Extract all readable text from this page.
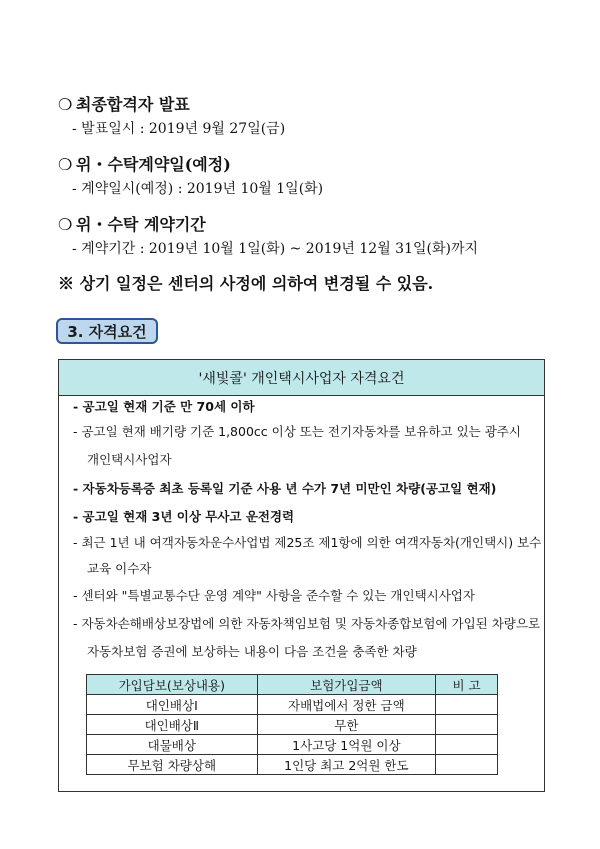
❍ 최종합격자 발표
- 발표일시 : 2019년 9월 27일(금)
❍ 위・수탁계약일(예정)
- 계약일시(예정) : 2019년 10월 1일(화)
❍ 위・수탁 계약기간
- 계약기간 : 2019년 10월 1일(화) ~ 2019년 12월 31일(화)까지
※ 상기 일정은 센터의 사정에 의하여 변경될 수 있음.
3. 자격요건
'새빛콜' 개인택시사업자 자격요건
- 공고일 현재 기준 만 70세 이하
- 공고일 현재 배기량 기준 1,800cc 이상 또는 전기자동차를 보유하고 있는 광주시
개인택시사업자
- 자동차등록증 최초 등록일 기준 사용 년 수가 7년 미만인 차량(공고일 현재)
- 공고일 현재 3년 이상 무사고 운전경력
- 최근 1년 내 여객자동차운수사업법 제25조 제1항에 의한 여객자동차(개인택시) 보수
교육 이수자
- 센터와 "특별교통수단 운영 계약" 사항을 준수할 수 있는 개인택시사업자
- 자동차손해배상보장법에 의한 자동차책임보험 및 자동차종합보험에 가입된 차량으로
자동차보험 증권에 보상하는 내용이 다음 조건을 충족한 차량
가입담보(보상내용)	보험가입금액	비 고
대인배상Ⅰ	자배법에서 정한 금액	
대인배상Ⅱ	무한	
대물배상	1사고당 1억원 이상	
무보험 차량상해	1인당 최고 2억원 한도	
